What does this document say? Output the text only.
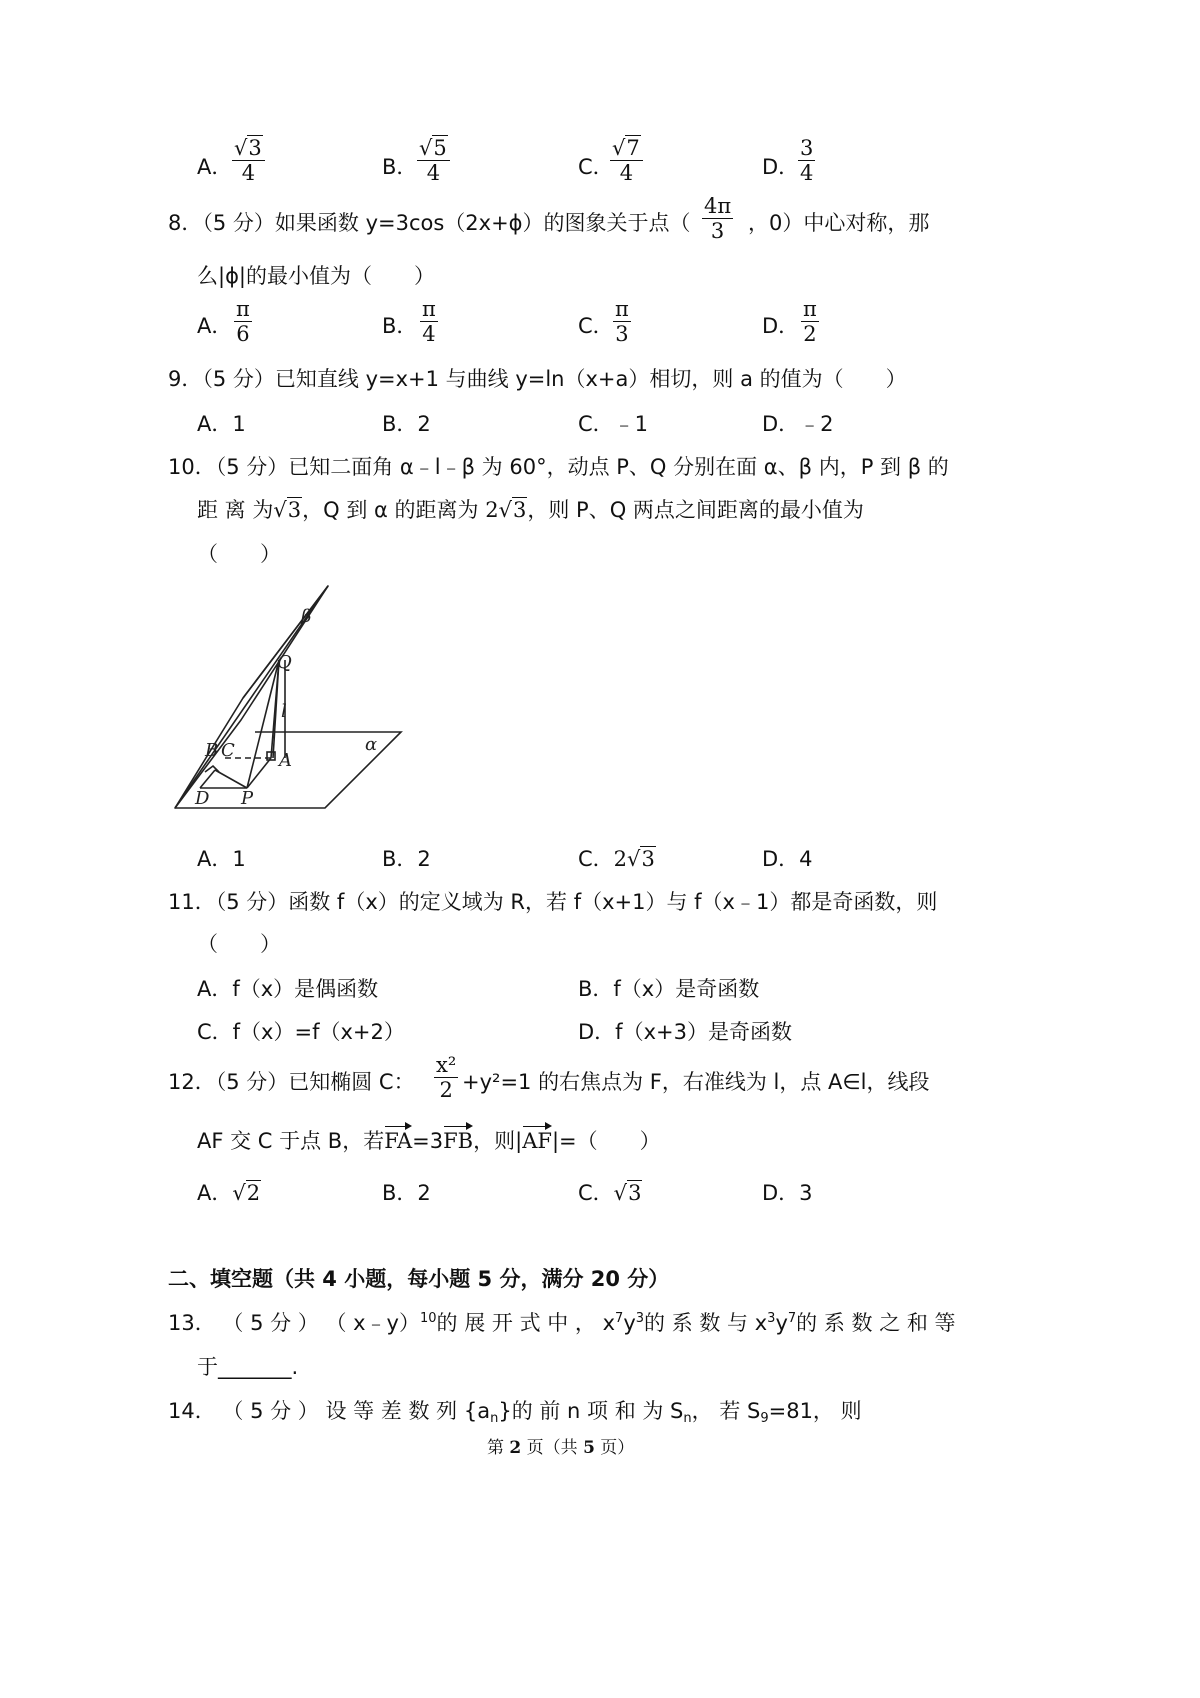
A． $\frac{√3}{4}$	B． $\frac{√5}{4}$	C．
$\frac{√7}{4}$	D．
$\frac{3}{4}$
8．（5 分）如果函数 y=3cos（2x+ϕ）的图象关于点（ $\frac{4\pi}{3}$ ，0）中心对称，那
么|ϕ|的最小值为（　　）
A． $\frac{\pi}{6}$	B． $\frac{\pi}{4}$	C． $\frac{\pi}{3}$	D． $\frac{\pi}{2}$
9．（5 分）已知直线 y=x+1 与曲线 y=ln（x+a）相切，则 a 的值为（　　）
A．1	B．2	C．﹣1	D．﹣2
10．（5 分）已知二面角 α﹣l﹣β 为 60°，动点 P、Q 分别在面 α、β 内，P 到 β 的
距 离 为√3，Q 到 α 的距离为 2√3，则 P、Q 两点之间距离的最小值为
（　　）
β
Q
l
α
B C A
D P
A．1	B．2	C．2√3	D．4
11．（5 分）函数 f（x）的定义域为 R，若 f（x+1）与 f（x﹣1）都是奇函数，则
（　　）
A．f（x）是偶函数	B．f（x）是奇函数
C．f（x）=f（x+2）	D．f（x+3）是奇函数
12．（5 分）已知椭圆 C： $\frac{\text{x²}}{2} +y^2=1$ 的右焦点为 F，右准线为 l，点 A∈l，线段
AF 交 C 于点 B，若FA=3FB，则|AF|=（　　）
A．√2	B．2	C．√3	D．3
二、填空题（共 4 小题，每小题 5 分，满分 20 分）
13． （ 5 分 ） （ x﹣y）$^{10}$的 展 开 式 中 ， $x^7y^3$的 系 数 与 $x^3y^7$的 系 数 之 和 等
于_______.
14． （ 5 分 ） 设 等 差 数 列 $\{a_n\}$的 前 n 项 和 为 $S_n$， 若 $S_9=81$， 则
第 2 页（共 5 页）
